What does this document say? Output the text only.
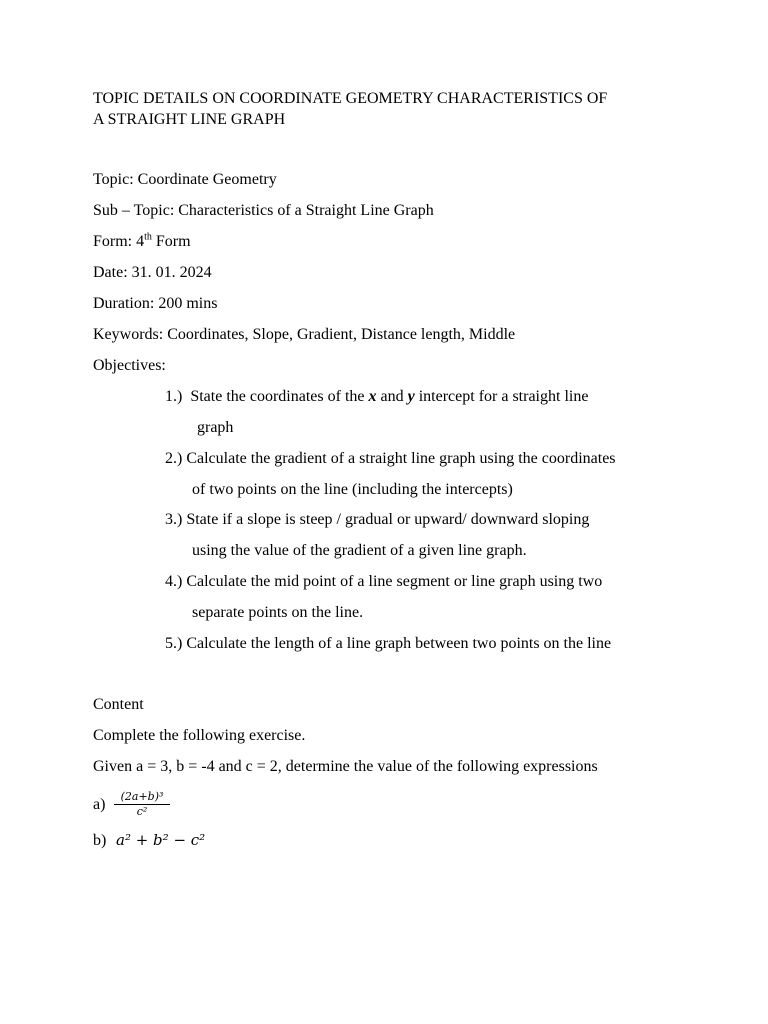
TOPIC DETAILS ON COORDINATE GEOMETRY CHARACTERISTICS OF
A STRAIGHT LINE GRAPH
Topic: Coordinate Geometry
Sub – Topic: Characteristics of a Straight Line Graph
Form: 4th Form
Date: 31. 01. 2024
Duration: 200 mins
Keywords: Coordinates, Slope, Gradient, Distance length, Middle
Objectives:
1.) State the coordinates of the x and y intercept for a straight line
graph
2.) Calculate the gradient of a straight line graph using the coordinates
of two points on the line (including the intercepts)
3.) State if a slope is steep / gradual or upward/ downward sloping
using the value of the gradient of a given line graph.
4.) Calculate the mid point of a line segment or line graph using two
separate points on the line.
5.) Calculate the length of a line graph between two points on the line
Content
Complete the following exercise.
Given a = 3, b = -4 and c = 2, determine the value of the following expressions
$a) \frac{\text{(2a+b)³}}{\text{c²}}$
b) a² + b² − c²
